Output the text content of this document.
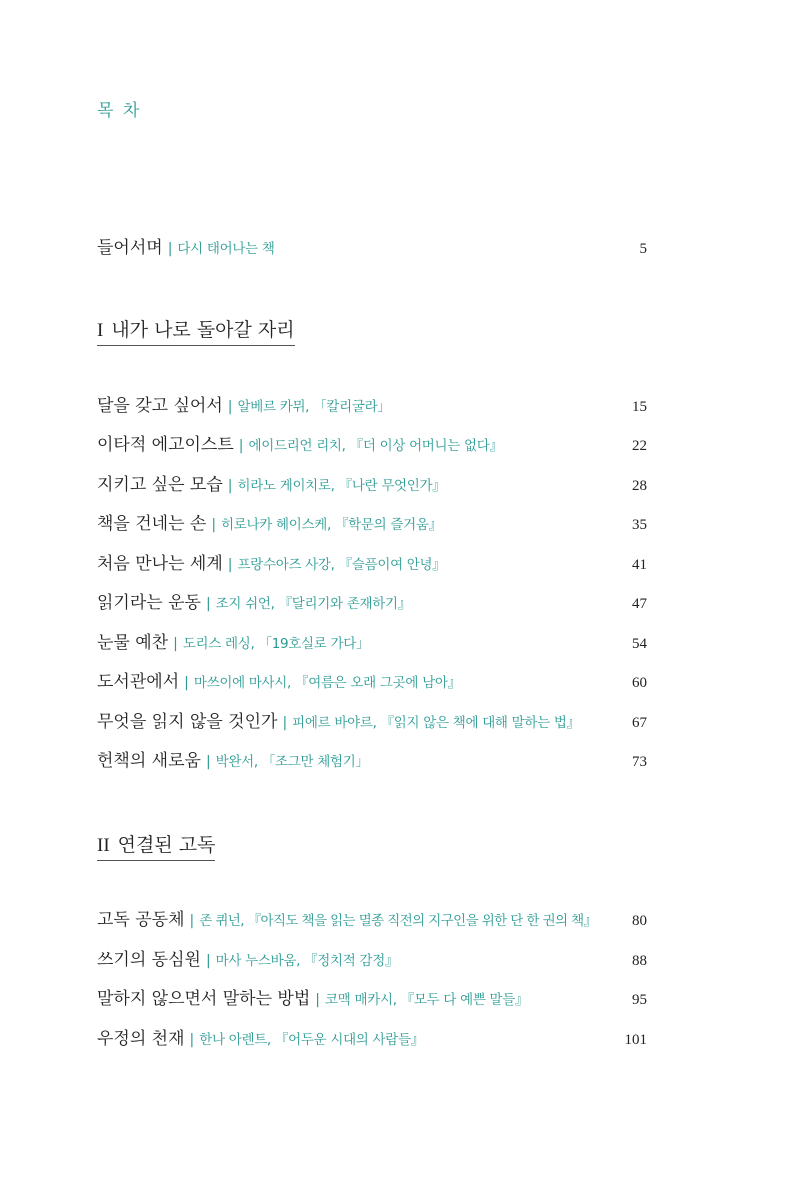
목 차
들어서며 | 다시 태어나는 책	5
I 내가 나로 돌아갈 자리
달을 갖고 싶어서 | 알베르 카뮈, 「칼리굴라」	15
이타적 에고이스트 | 에이드리언 리치, 『더 이상 어머니는 없다』	22
지키고 싶은 모습 | 히라노 게이치로, 『나란 무엇인가』	28
책을 건네는 손 | 히로나카 헤이스케, 『학문의 즐거움』	35
처음 만나는 세계 | 프랑수아즈 사강, 『슬픔이여 안녕』	41
읽기라는 운동 | 조지 쉬언, 『달리기와 존재하기』	47
눈물 예찬 | 도리스 레싱, 「19호실로 가다」	54
도서관에서 | 마쓰이에 마사시, 『여름은 오래 그곳에 남아』	60
무엇을 읽지 않을 것인가 | 피에르 바야르, 『읽지 않은 책에 대해 말하는 법』	67
헌책의 새로움 | 박완서, 「조그만 체험기」	73
II 연결된 고독
고독 공동체 | 존 퀴넌, 『아직도 책을 읽는 멸종 직전의 지구인을 위한 단 한 권의 책』 80
쓰기의 동심원 | 마사 누스바움, 『정치적 감정』	88
말하지 않으면서 말하는 방법 | 코맥 매카시, 『모두 다 예쁜 말들』	95
우정의 천재 | 한나 아렌트, 『어두운 시대의 사람들』	101
